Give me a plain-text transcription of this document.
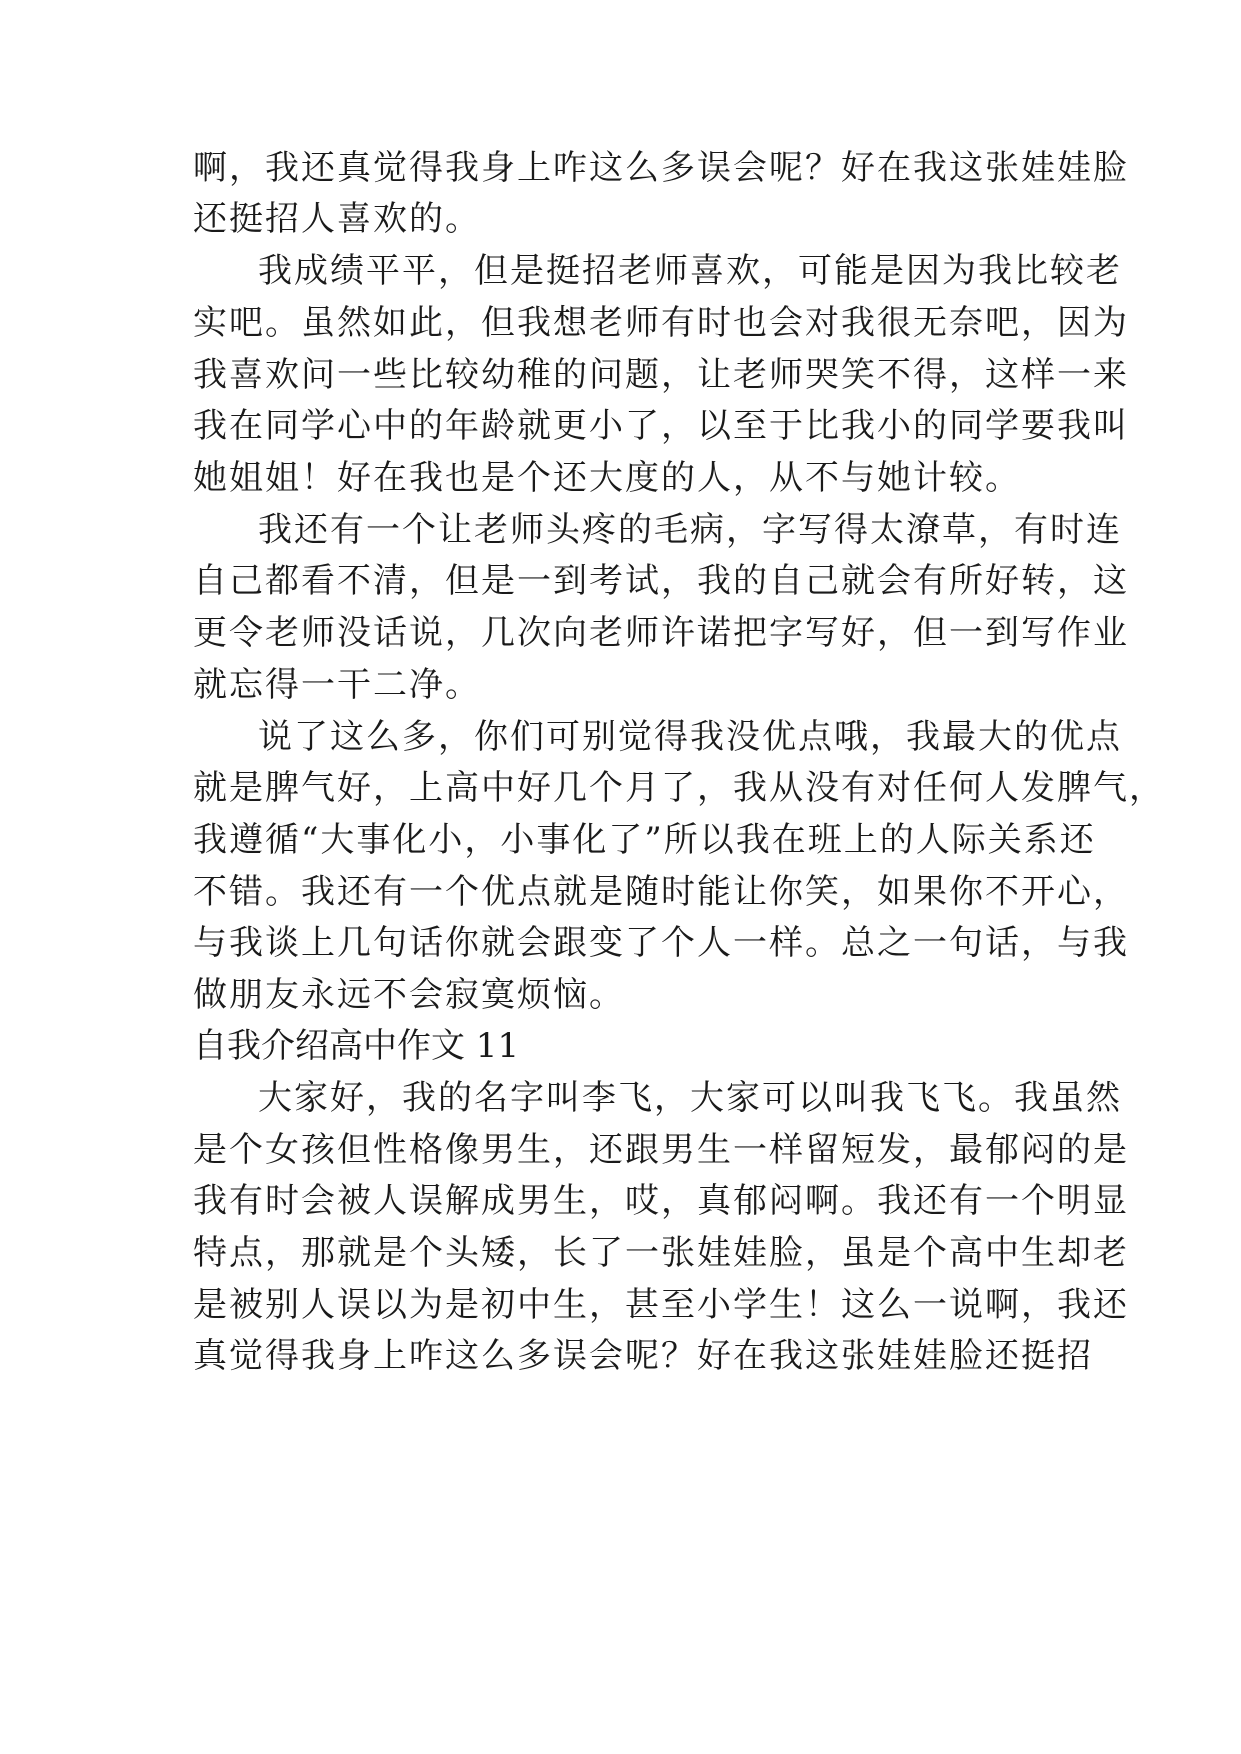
啊，我还真觉得我身上咋这么多误会呢？好在我这张娃娃脸
还挺招人喜欢的。
我成绩平平，但是挺招老师喜欢，可能是因为我比较老
实吧。虽然如此，但我想老师有时也会对我很无奈吧，因为
我喜欢问一些比较幼稚的问题，让老师哭笑不得，这样一来
我在同学心中的年龄就更小了，以至于比我小的同学要我叫
她姐姐！好在我也是个还大度的人，从不与她计较。
我还有一个让老师头疼的毛病，字写得太潦草，有时连
自己都看不清，但是一到考试，我的自己就会有所好转，这
更令老师没话说，几次向老师许诺把字写好，但一到写作业
就忘得一干二净。
说了这么多，你们可别觉得我没优点哦，我最大的优点
就是脾气好，上高中好几个月了，我从没有对任何人发脾气，
我遵循“大事化小，小事化了”所以我在班上的人际关系还
不错。我还有一个优点就是随时能让你笑，如果你不开心，
与我谈上几句话你就会跟变了个人一样。总之一句话，与我
做朋友永远不会寂寞烦恼。
自我介绍高中作文 11
大家好，我的名字叫李飞，大家可以叫我飞飞。我虽然
是个女孩但性格像男生，还跟男生一样留短发，最郁闷的是
我有时会被人误解成男生，哎，真郁闷啊。我还有一个明显
特点，那就是个头矮，长了一张娃娃脸，虽是个高中生却老
是被别人误以为是初中生，甚至小学生！这么一说啊，我还
真觉得我身上咋这么多误会呢？好在我这张娃娃脸还挺招
